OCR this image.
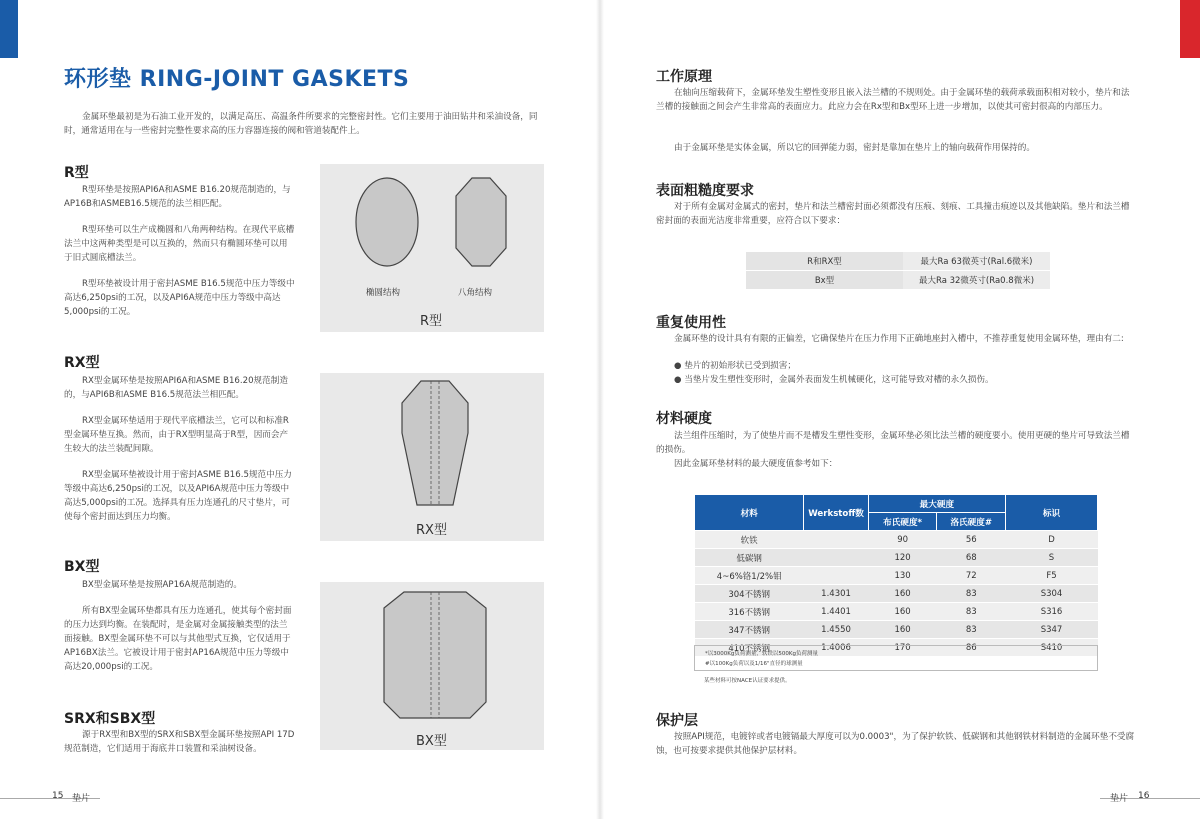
环形垫 RING-JOINT GASKETS
金属环垫最初是为石油工业开发的，以满足高压、高温条件所要求的完整密封性。它们主要用于油田钻井和采油设备，同时，通常适用在与一些密封完整性要求高的压力容器连接的阀和管道装配件上。
R型
R型环垫是按照API6A和ASME B16.20规范制造的，与AP16B和ASMEB16.5规范的法兰相匹配。
R型环垫可以生产成椭圆和八角两种结构。在现代平底槽法兰中这两种类型是可以互换的，然而只有椭圆环垫可以用于旧式圆底槽法兰。
R型环垫被设计用于密封ASME B16.5规范中压力等级中高达6,250psi的工况，以及API6A规范中压力等级中高达5,000psi的工况。
椭圆结构	八角结构
R型
RX型
RX型金属环垫是按照API6A和ASME B16.20规范制造的，与API6B和ASME B16.5规范法兰相匹配。
RX型金属环垫适用于现代平底槽法兰，它可以和标准R型金属环垫互换。然而，由于RX型明显高于R型，因而会产生较大的法兰装配间隙。
RX型金属环垫被设计用于密封ASME B16.5规范中压力等级中高达6,250psi的工况，以及API6A规范中压力等级中高达5,000psi的工况。选择具有压力连通孔的尺寸垫片，可使每个密封面达到压力均衡。
RX型
BX型
BX型金属环垫是按照AP16A规范制造的。
所有BX型金属环垫都具有压力连通孔，使其每个密封面的压力达到均衡。在装配时，是金属对金属接触类型的法兰面接触。BX型金属环垫不可以与其他型式互换，它仅适用于AP16BX法兰。它被设计用于密封AP16A规范中压力等级中高达20,000psi的工况。
BX型
SRX和SBX型
源于RX型和BX型的SRX和SBX型金属环垫按照API 17D规范制造，它们适用于海底井口装置和采油树设备。
15 垫片
工作原理
在轴向压缩载荷下，金属环垫发生塑性变形且嵌入法兰槽的不规则处。由于金属环垫的载荷承载面积相对较小，垫片和法兰槽的接触面之间会产生非常高的表面应力。此应力会在Rx型和Bx型环上进一步增加，以使其可密封很高的内部压力。
由于金属环垫是实体金属，所以它的回弹能力弱，密封是靠加在垫片上的轴向载荷作用保持的。
表面粗糙度要求
对于所有金属对金属式的密封，垫片和法兰槽密封面必须都没有压痕、刻痕、工具撞击痕迹以及其他缺陷。垫片和法兰槽密封面的表面光洁度非常重要，应符合以下要求：
R和RX型	最大Ra 63微英寸(Ral.6微米)
Bx型	最大Ra 32微英寸(Ra0.8微米)
重复使用性
金属环垫的设计具有有限的正偏差，它确保垫片在压力作用下正确地座封入槽中，不推荐重复使用金属环垫，理由有二:
● 垫片的初始形状已受到损害；
● 当垫片发生塑性变形时，金属外表面发生机械硬化，这可能导致对槽的永久损伤。
材料硬度
法兰组件压缩时，为了使垫片而不是槽发生塑性变形，金属环垫必须比法兰槽的硬度要小。使用更硬的垫片可导致法兰槽的损伤。
因此金属环垫材料的最大硬度值参考如下：
材料	Werkstoff数	最大硬度		标识
		布氏硬度*	洛氏硬度#	
软铁		90	56	D
低碳钢		120	68	S
4~6%铬1/2%钼		130	72	F5
304不锈钢	1.4301	160	83	S304
316不锈钢	1.4401	160	83	S316
347不锈钢	1.4550	160	83	S347
410不锈钢	1.4006	170	86	S410
*以3000Kg负荷测量，软铁以500Kg负荷测量
#以100Kg负荷以及1/16"直径的球测量
某些材料可按NACE认证要求提供。
保护层
按照API规范，电镀锌或者电镀镉最大厚度可以为0.0003"，为了保护软铁、低碳钢和其他钢铁材料制造的金属环垫不受腐蚀，也可按要求提供其他保护层材料。
垫片 16
